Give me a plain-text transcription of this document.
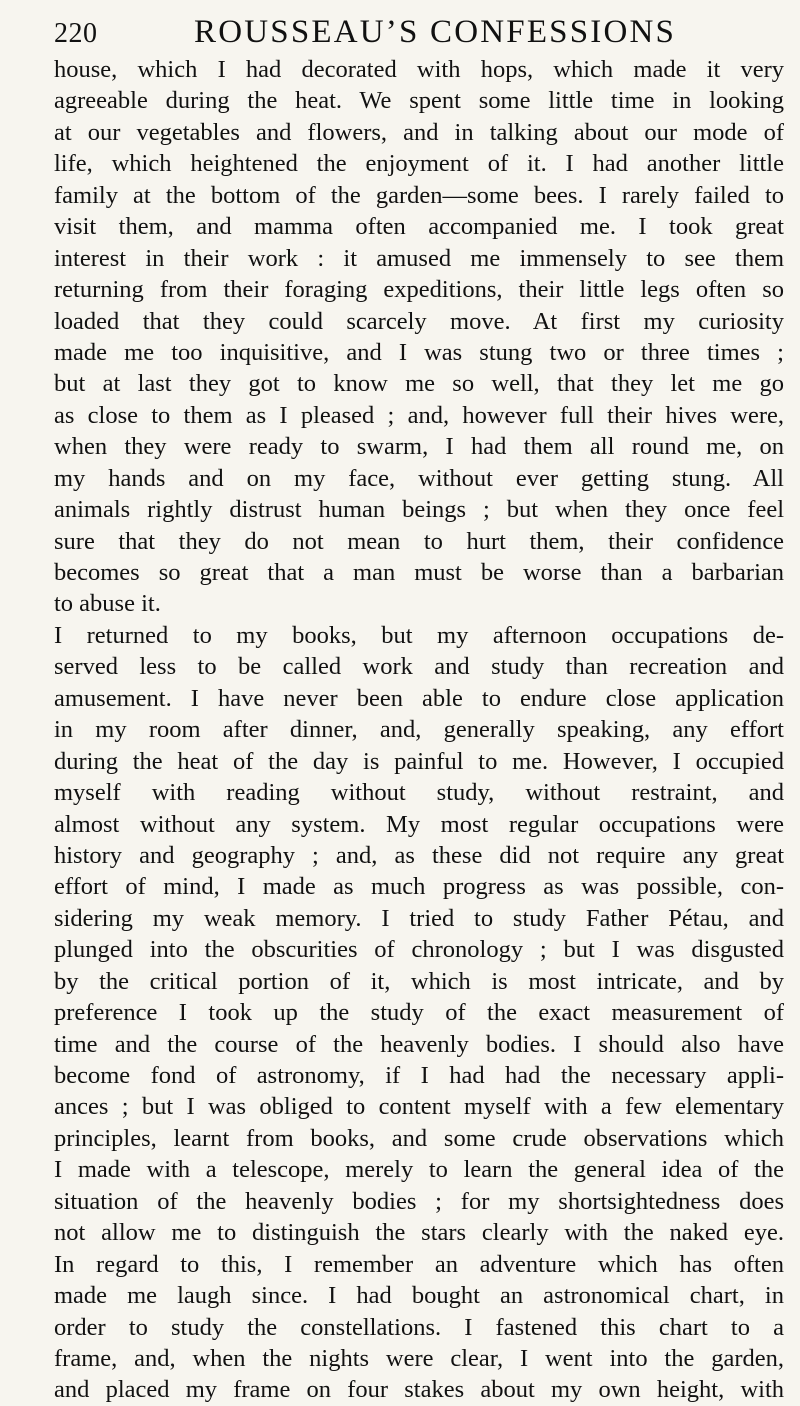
220	ROUSSEAU’S CONFESSIONS
house, which I had decorated with hops, which made it very
agreeable during the heat. We spent some little time in looking
at our vegetables and flowers, and in talking about our mode of
life, which heightened the enjoyment of it. I had another little
family at the bottom of the garden—some bees. I rarely failed to
visit them, and mamma often accompanied me. I took great
interest in their work : it amused me immensely to see them
returning from their foraging expeditions, their little legs often so
loaded that they could scarcely move. At first my curiosity
made me too inquisitive, and I was stung two or three times ;
but at last they got to know me so well, that they let me go
as close to them as I pleased ; and, however full their hives were,
when they were ready to swarm, I had them all round me, on
my hands and on my face, without ever getting stung. All
animals rightly distrust human beings ; but when they once feel
sure that they do not mean to hurt them, their confidence
becomes so great that a man must be worse than a barbarian
to abuse it.
I returned to my books, but my afternoon occupations de-
served less to be called work and study than recreation and
amusement. I have never been able to endure close application
in my room after dinner, and, generally speaking, any effort
during the heat of the day is painful to me. However, I occupied
myself with reading without study, without restraint, and
almost without any system. My most regular occupations were
history and geography ; and, as these did not require any great
effort of mind, I made as much progress as was possible, con-
sidering my weak memory. I tried to study Father Pétau, and
plunged into the obscurities of chronology ; but I was disgusted
by the critical portion of it, which is most intricate, and by
preference I took up the study of the exact measurement of
time and the course of the heavenly bodies. I should also have
become fond of astronomy, if I had had the necessary appli-
ances ; but I was obliged to content myself with a few elementary
principles, learnt from books, and some crude observations which
I made with a telescope, merely to learn the general idea of the
situation of the heavenly bodies ; for my shortsightedness does
not allow me to distinguish the stars clearly with the naked eye.
In regard to this, I remember an adventure which has often
made me laugh since. I had bought an astronomical chart, in
order to study the constellations. I fastened this chart to a
frame, and, when the nights were clear, I went into the garden,
and placed my frame on four stakes about my own height, with
